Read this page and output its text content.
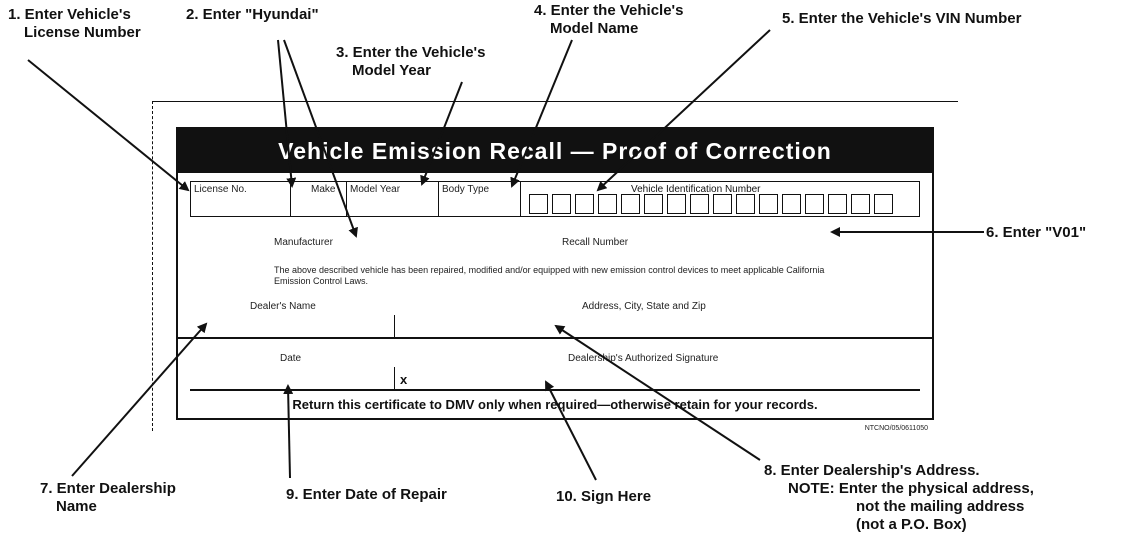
1. Enter Vehicle's
License Number
2. Enter "Hyundai"
3. Enter the Vehicle's
Model Year
4. Enter the Vehicle's
Model Name
5. Enter the Vehicle's VIN Number
6. Enter "V01"
7. Enter Dealership
Name
8. Enter Dealership's Address.
NOTE: Enter the physical address,
not the mailing address
(not a P.O. Box)
9. Enter Date of Repair	10. Sign Here
Vehicle Emission Recall — Proof of Correction
License No.	Make	Model Year	Body Type	Vehicle Identification Number
Manufacturer	Recall Number
The above described vehicle has been repaired, modified and/or equipped with new emission control devices to meet applicable California Emission Control Laws.
Dealer's Name	Address, City, State and Zip
Date	Dealership's Authorized Signature
x
Return this certificate to DMV only when required—otherwise retain for your records.
NTCNO/05/0611050
